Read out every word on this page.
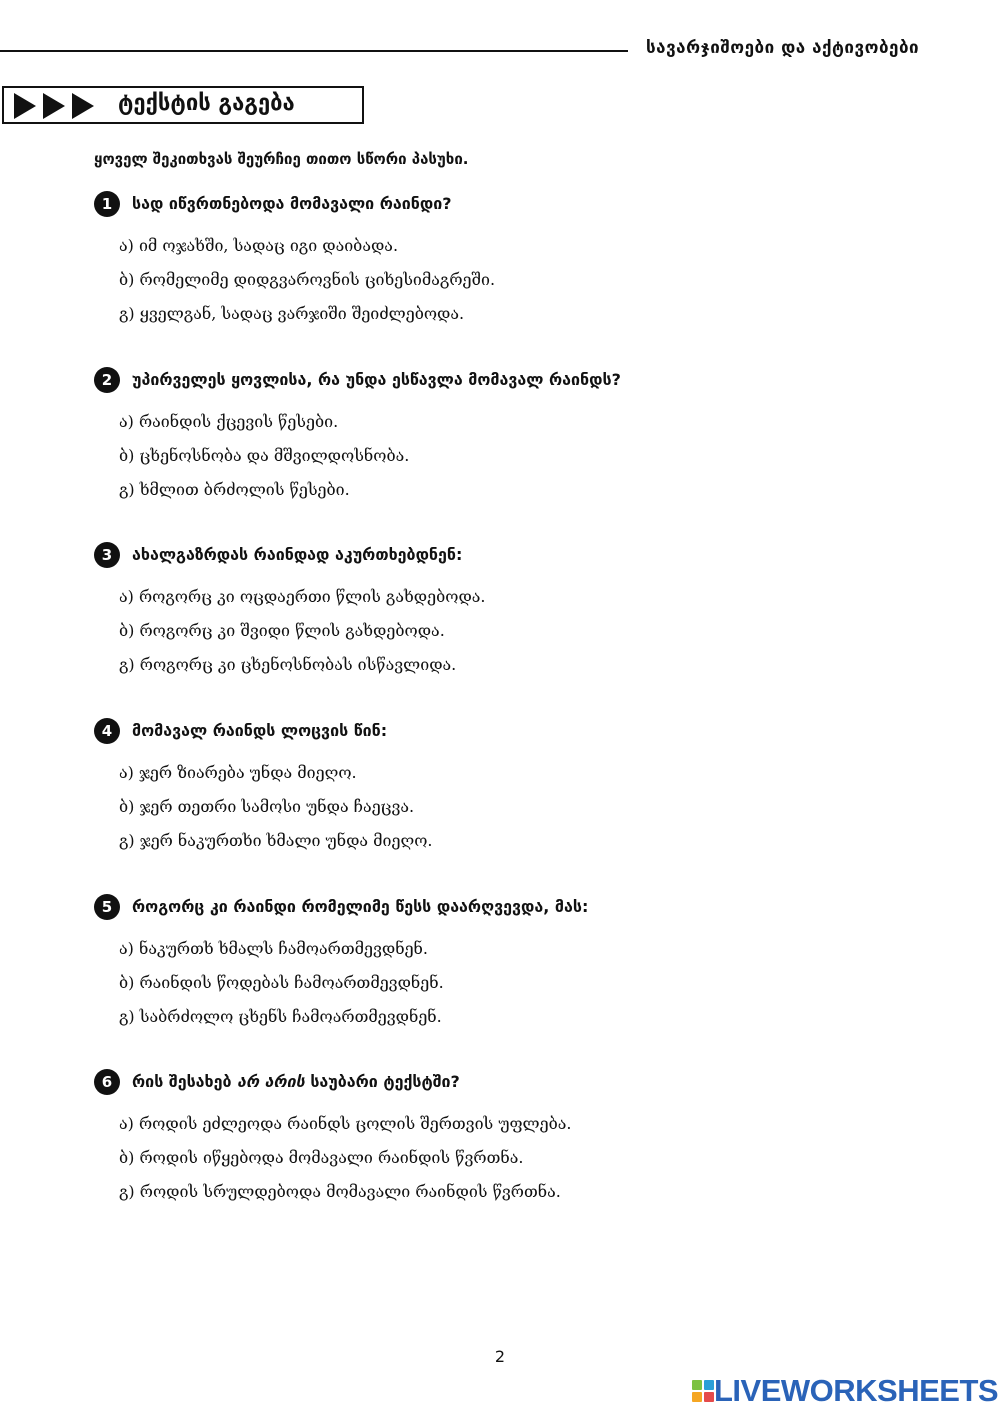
სავარჯიშოები და აქტივობები
ტექსტის გაგება
ყოველ შეკითხვას შეურჩიე თითო სწორი პასუხი.
1	სად იწვრთნებოდა მომავალი რაინდი?
ა) იმ ოჯახში, სადაც იგი დაიბადა.
ბ) რომელიმე დიდგვაროვნის ციხესიმაგრეში.
გ) ყველგან, სადაც ვარჯიში შეიძლებოდა.
2	უპირველეს ყოვლისა, რა უნდა ესწავლა მომავალ რაინდს?
ა) რაინდის ქცევის წესები.
ბ) ცხენოსნობა და მშვილდოსნობა.
გ) ხმლით ბრძოლის წესები.
3	ახალგაზრდას რაინდად აკურთხებდნენ:
ა) როგორც კი ოცდაერთი წლის გახდებოდა.
ბ) როგორც კი შვიდი წლის გახდებოდა.
გ) როგორც კი ცხენოსნობას ისწავლიდა.
4	მომავალ რაინდს ლოცვის წინ:
ა) ჯერ ზიარება უნდა მიეღო.
ბ) ჯერ თეთრი სამოსი უნდა ჩაეცვა.
გ) ჯერ ნაკურთხი ხმალი უნდა მიეღო.
5	როგორც კი რაინდი რომელიმე წესს დაარღვევდა, მას:
ა) ნაკურთხ ხმალს ჩამოართმევდნენ.
ბ) რაინდის წოდებას ჩამოართმევდნენ.
გ) საბრძოლო ცხენს ჩამოართმევდნენ.
6	რის შესახებ არ არის საუბარი ტექსტში?
ა) როდის ეძლეოდა რაინდს ცოლის შერთვის უფლება.
ბ) როდის იწყებოდა მომავალი რაინდის წვრთნა.
გ) როდის სრულდებოდა მომავალი რაინდის წვრთნა.
2
LIVEWORKSHEETS
